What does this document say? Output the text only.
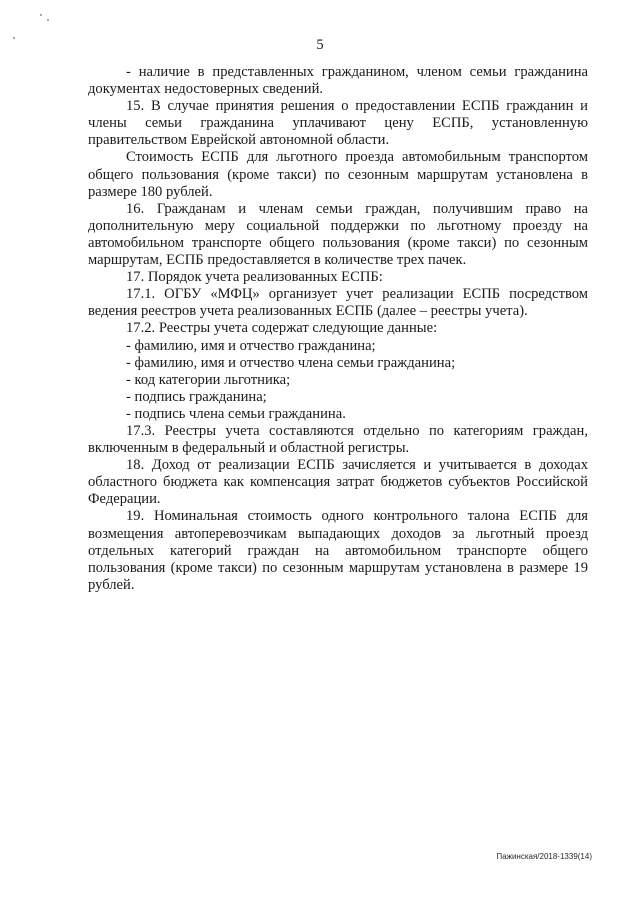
5

- наличие в представленных гражданином, членом семьи гражданина документах недостоверных сведений.

15. В случае принятия решения о предоставлении ЕСПБ гражданин и члены семьи гражданина уплачивают цену ЕСПБ, установленную правительством Еврейской автономной области.

Стоимость ЕСПБ для льготного проезда автомобильным транспортом общего пользования (кроме такси) по сезонным маршрутам установлена в размере 180 рублей.

16. Гражданам и членам семьи граждан, получившим право на дополнительную меру социальной поддержки по льготному проезду на автомобильном транспорте общего пользования (кроме такси) по сезонным маршрутам, ЕСПБ предоставляется в количестве трех пачек.

17. Порядок учета реализованных ЕСПБ:

17.1. ОГБУ «МФЦ» организует учет реализации ЕСПБ посредством ведения реестров учета реализованных ЕСПБ (далее – реестры учета).

17.2. Реестры учета содержат следующие данные:

- фамилию, имя и отчество гражданина;

- фамилию, имя и отчество члена семьи гражданина;

- код категории льготника;

- подпись гражданина;

- подпись члена семьи гражданина.

17.3. Реестры учета составляются отдельно по категориям граждан, включенным в федеральный и областной регистры.

18. Доход от реализации ЕСПБ зачисляется и учитывается в доходах областного бюджета как компенсация затрат бюджетов субъектов Российской Федерации.

19. Номинальная стоимость одного контрольного талона ЕСПБ для возмещения автоперевозчикам выпадающих доходов за льготный проезд отдельных категорий граждан на автомобильном транспорте общего пользования (кроме такси) по сезонным маршрутам установлена в размере 19 рублей.

Пажинская/2018-1339(14)
